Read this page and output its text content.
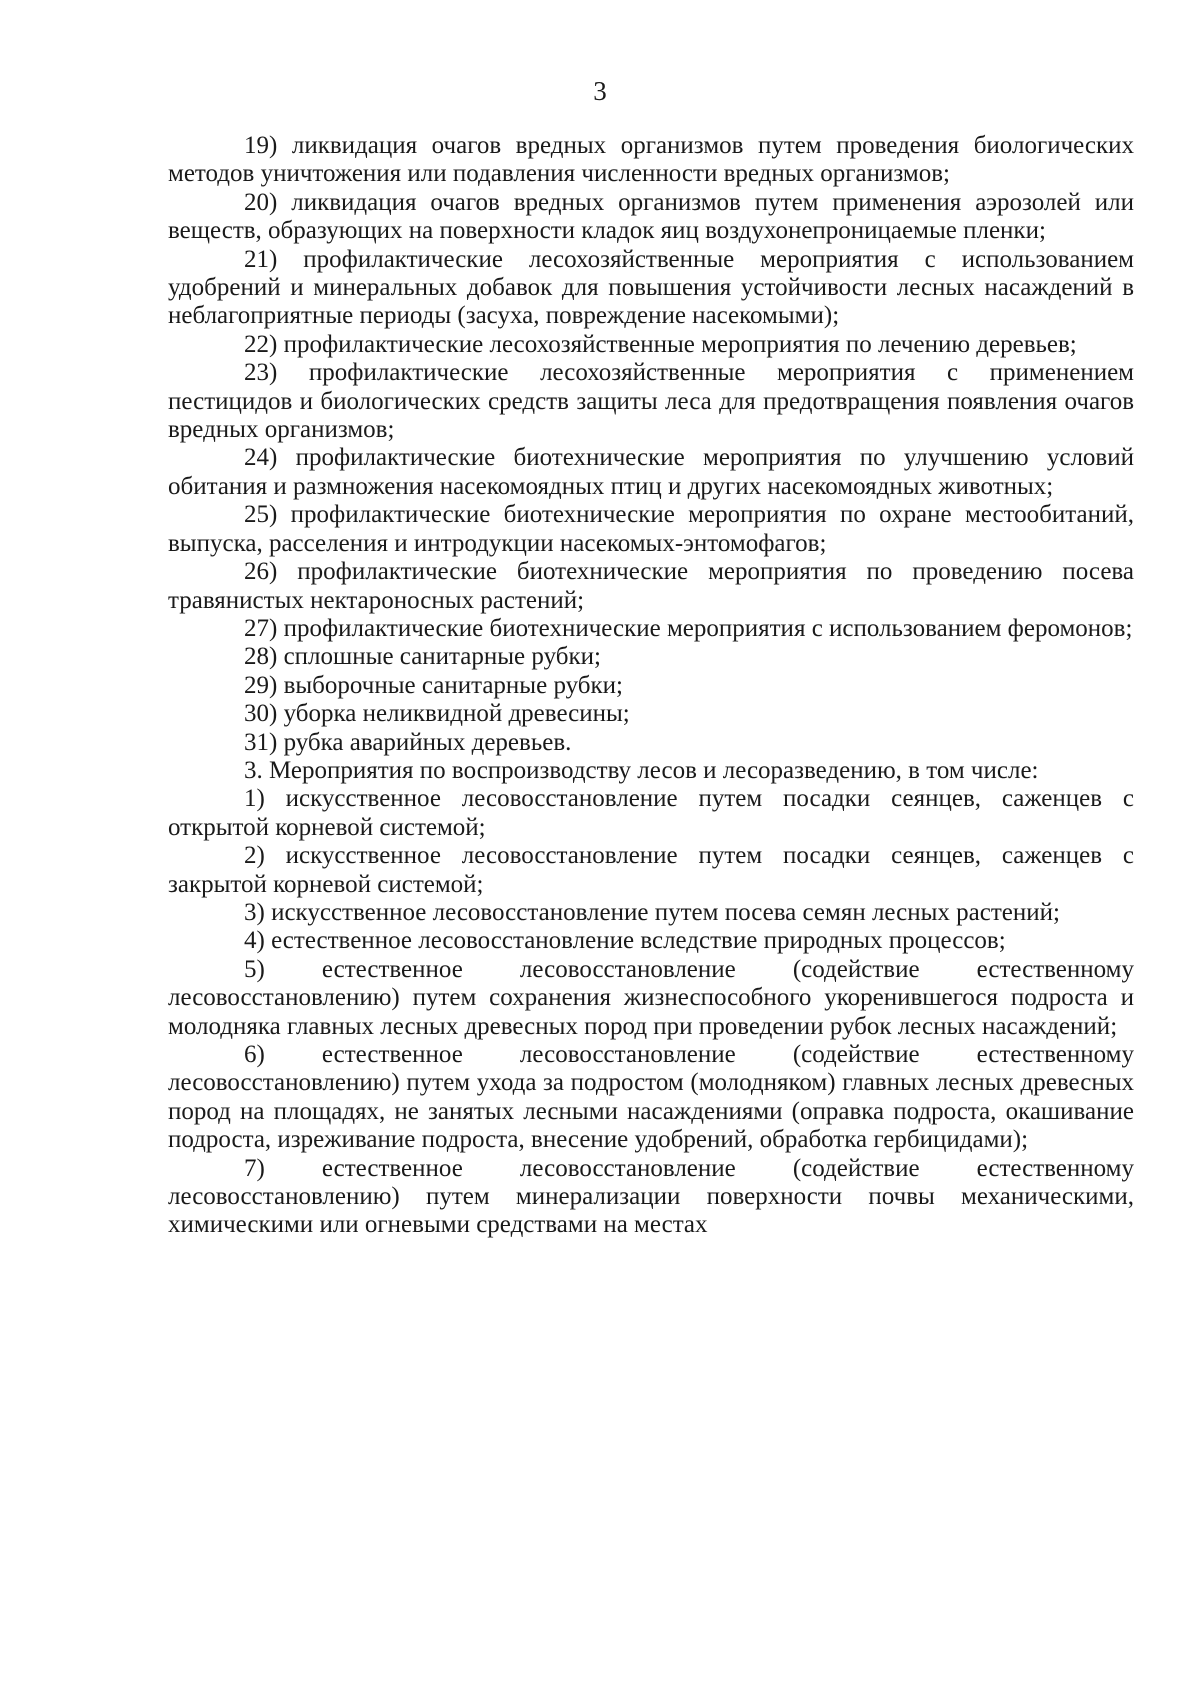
3

19) ликвидация очагов вредных организмов путем проведения биологических методов уничтожения или подавления численности вредных организмов;

20) ликвидация очагов вредных организмов путем применения аэрозолей или веществ, образующих на поверхности кладок яиц воздухонепроницаемые пленки;

21) профилактические лесохозяйственные мероприятия с использованием удобрений и минеральных добавок для повышения устойчивости лесных насаждений в неблагоприятные периоды (засуха, повреждение насекомыми);

22) профилактические лесохозяйственные мероприятия по лечению деревьев;

23) профилактические лесохозяйственные мероприятия с применением пестицидов и биологических средств защиты леса для предотвращения появления очагов вредных организмов;

24) профилактические биотехнические мероприятия по улучшению условий обитания и размножения насекомоядных птиц и других насекомоядных животных;

25) профилактические биотехнические мероприятия по охране местообитаний, выпуска, расселения и интродукции насекомых-энтомофагов;

26) профилактические биотехнические мероприятия по проведению посева травянистых нектароносных растений;

27) профилактические биотехнические мероприятия с использованием феромонов;

28) сплошные санитарные рубки;

29) выборочные санитарные рубки;

30) уборка неликвидной древесины;

31) рубка аварийных деревьев.

3. Мероприятия по воспроизводству лесов и лесоразведению, в том числе:

1) искусственное лесовосстановление путем посадки сеянцев, саженцев с открытой корневой системой;

2) искусственное лесовосстановление путем посадки сеянцев, саженцев с закрытой корневой системой;

3) искусственное лесовосстановление путем посева семян лесных растений;

4) естественное лесовосстановление вследствие природных процессов;

5) естественное лесовосстановление (содействие естественному лесовосстановлению) путем сохранения жизнеспособного укоренившегося подроста и молодняка главных лесных древесных пород при проведении рубок лесных насаждений;

6) естественное лесовосстановление (содействие естественному лесовосстановлению) путем ухода за подростом (молодняком) главных лесных древесных пород на площадях, не занятых лесными насаждениями (оправка подроста, окашивание подроста, изреживание подроста, внесение удобрений, обработка гербицидами);

7) естественное лесовосстановление (содействие естественному лесовосстановлению) путем минерализации поверхности почвы механическими, химическими или огневыми средствами на местах
